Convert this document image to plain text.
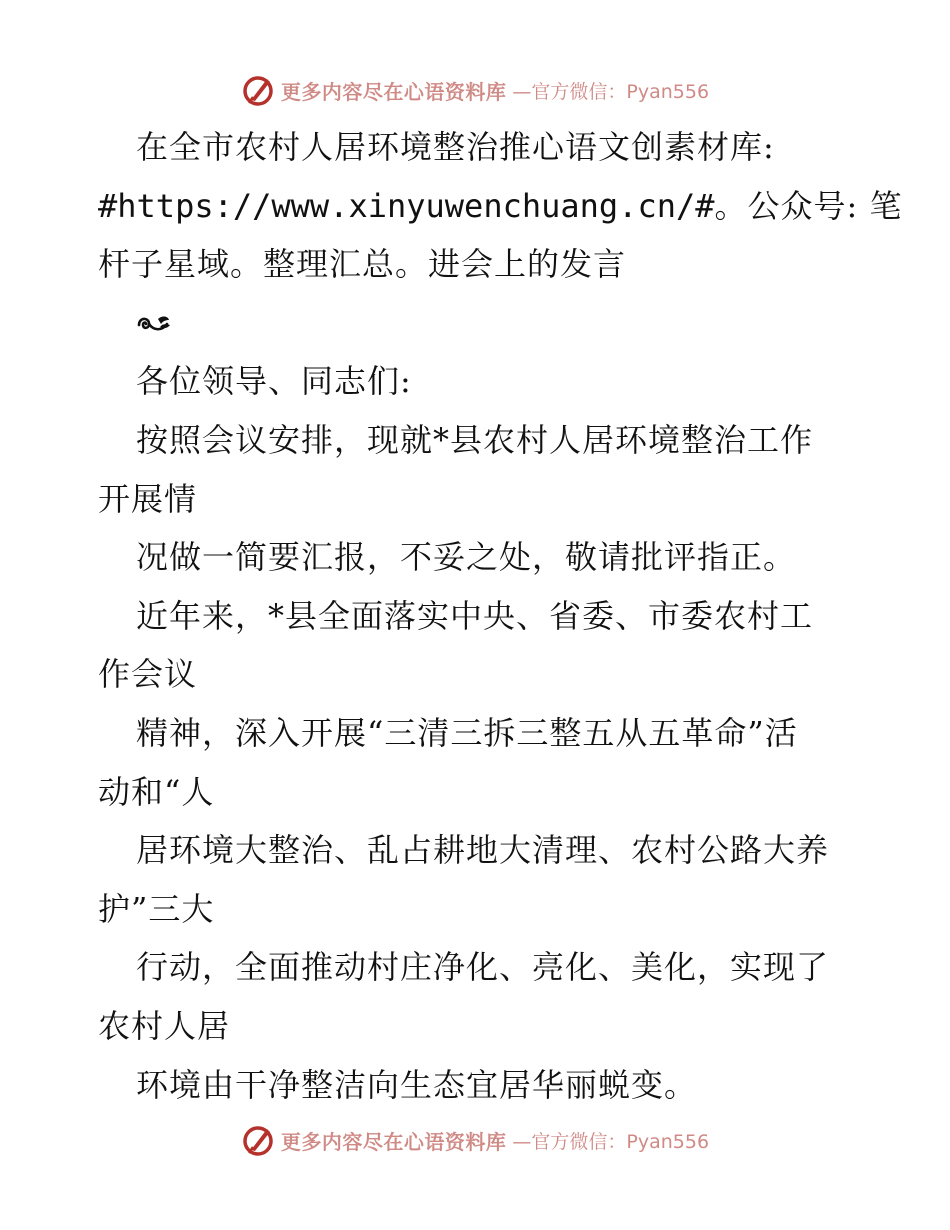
更多内容尽在心语资料库 —官方微信：Pyan556
在全市农村人居环境整治推心语文创素材库:
#https://www.xinyuwenchuang.cn/#。公众号: 笔
杆子星域。整理汇总。进会上的发言
各位领导、同志们:
按照会议安排，现就*县农村人居环境整治工作
开展情
况做一简要汇报，不妥之处，敬请批评指正。
近年来，*县全面落实中央、省委、市委农村工
作会议
精神，深入开展“三清三拆三整五从五革命”活
动和“人
居环境大整治、乱占耕地大清理、农村公路大养
护”三大
行动，全面推动村庄净化、亮化、美化，实现了
农村人居
环境由干净整洁向生态宜居华丽蜕变。
更多内容尽在心语资料库 —官方微信：Pyan556
